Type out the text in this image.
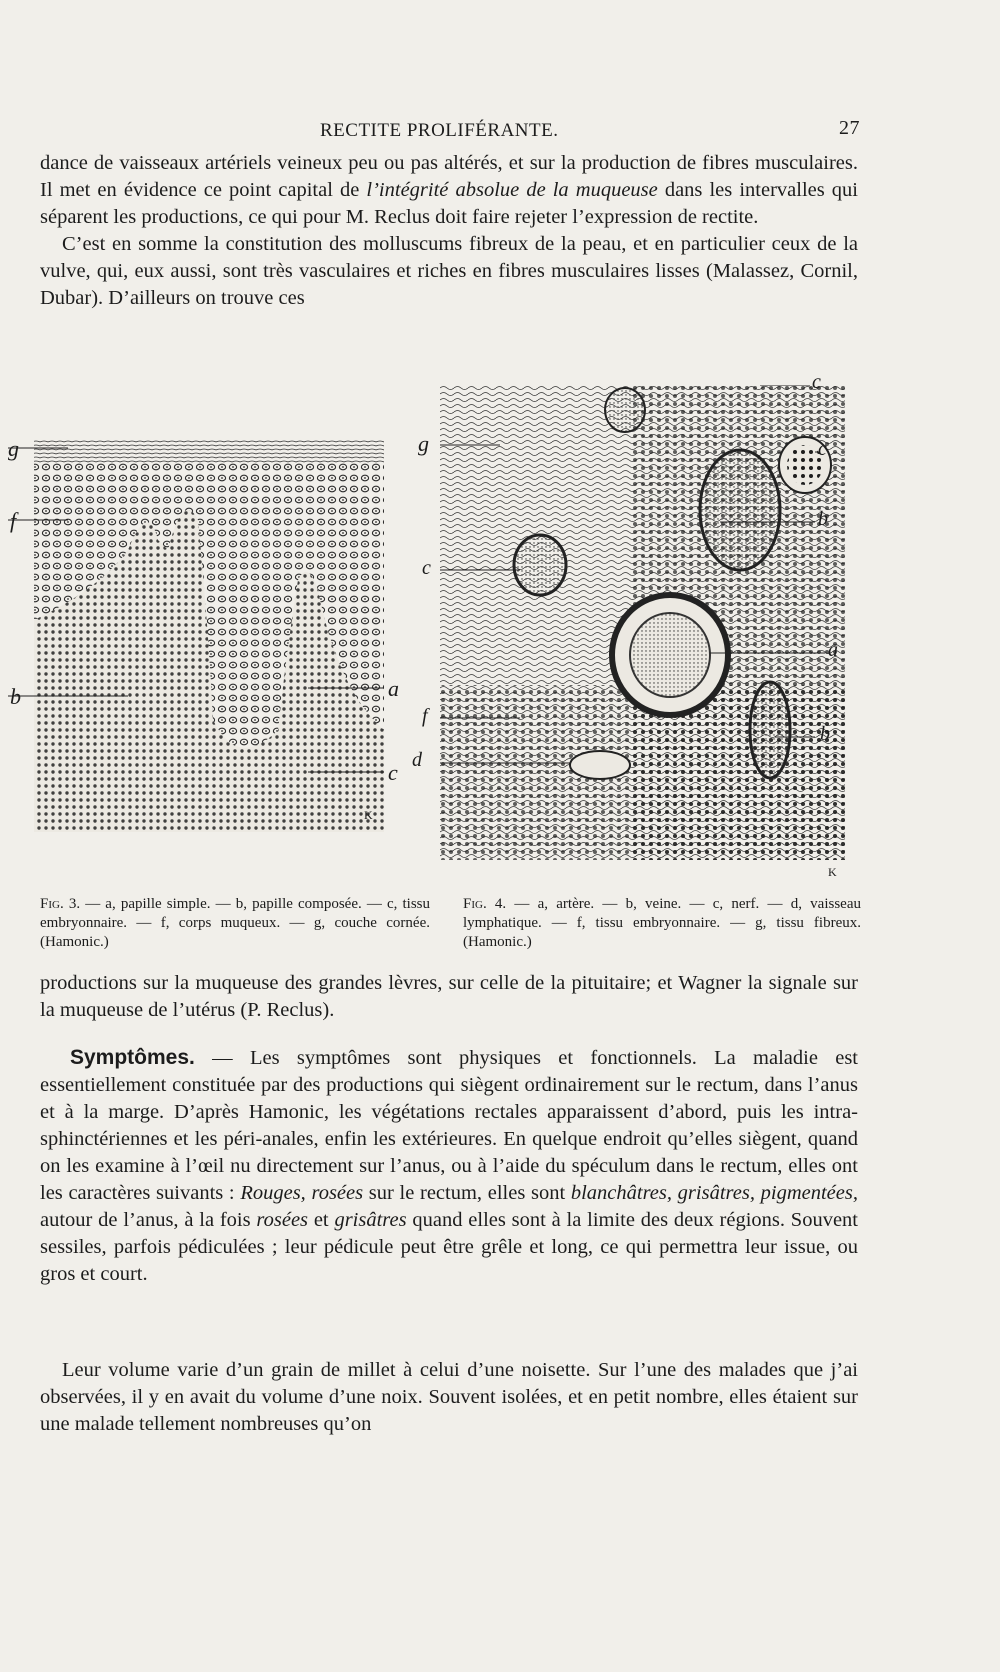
RECTITE PROLIFÉRANTE.	27

dance de vaisseaux artériels veineux peu ou pas altérés, et sur la production de fibres musculaires. Il met en évidence ce point capital de l’intégrité absolue de la muqueuse dans les intervalles qui séparent les productions, ce qui pour M. Reclus doit faire rejeter l’expression de rectite.

C’est en somme la constitution des molluscums fibreux de la peau, et en particulier ceux de la vulve, qui, eux aussi, sont très vasculaires et riches en fibres musculaires lisses (Malassez, Cornil, Dubar). D’ailleurs on trouve ces

g
f
b	a
c
K
c
g	c
b
c
a
f
b
d
K
Fig. 3. — a, papille simple. — b, papille composée. — c, tissu embryonnaire. — f, corps muqueux. — g, couche cornée. (Hamonic.)
Fig. 4. — a, artère. — b, veine. — c, nerf. — d, vaisseau lymphatique. — f, tissu embryonnaire. — g, tissu fibreux. (Hamonic.)

productions sur la muqueuse des grandes lèvres, sur celle de la pituitaire; et Wagner la signale sur la muqueuse de l’utérus (P. Reclus).

Symptômes. — Les symptômes sont physiques et fonctionnels. La maladie est essentiellement constituée par des productions qui siègent ordinairement sur le rectum, dans l’anus et à la marge. D’après Hamonic, les végétations rectales apparaissent d’abord, puis les intra-sphinctériennes et les péri-anales, enfin les extérieures. En quelque endroit qu’elles siègent, quand on les examine à l’œil nu directement sur l’anus, ou à l’aide du spéculum dans le rectum, elles ont les caractères suivants : Rouges, rosées sur le rectum, elles sont blanchâtres, grisâtres, pigmentées, autour de l’anus, à la fois rosées et grisâtres quand elles sont à la limite des deux régions. Souvent sessiles, parfois pédiculées ; leur pédicule peut être grêle et long, ce qui permettra leur issue, ou gros et court.

Leur volume varie d’un grain de millet à celui d’une noisette. Sur l’une des malades que j’ai observées, il y en avait du volume d’une noix. Souvent isolées, et en petit nombre, elles étaient sur une malade tellement nombreuses qu’on
